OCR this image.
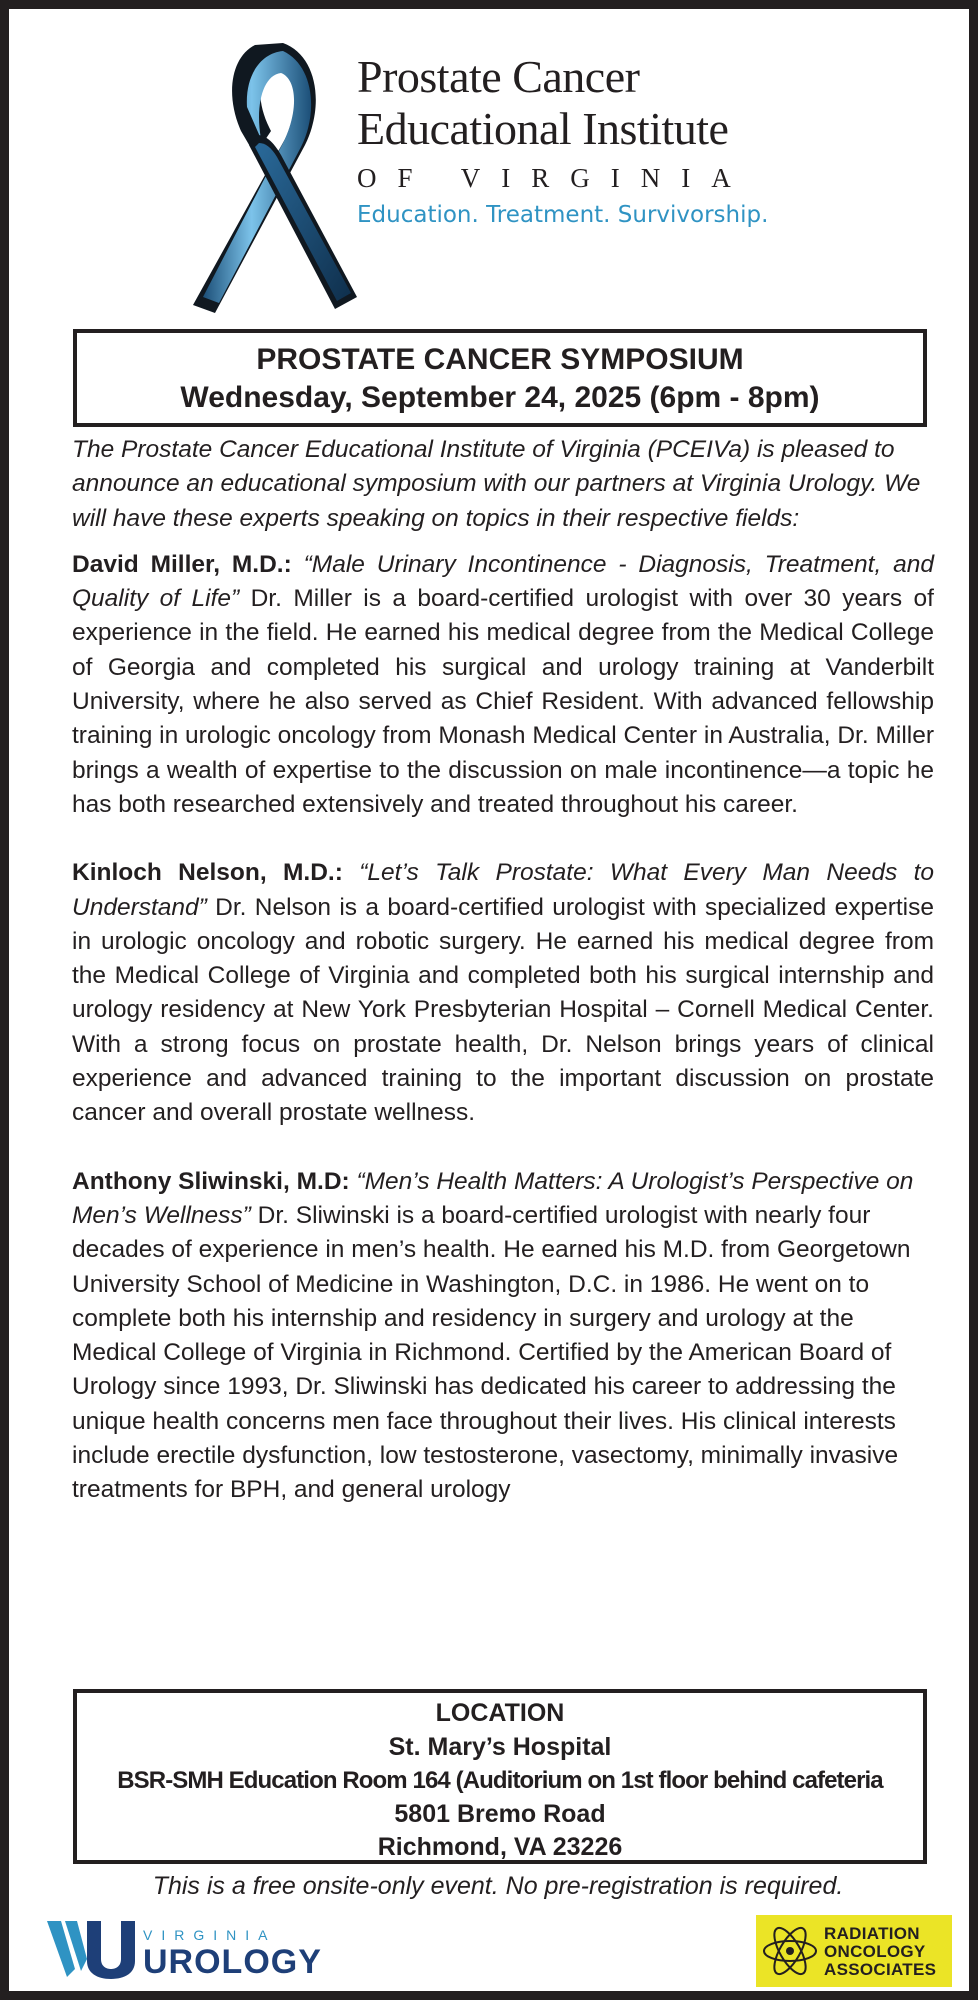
Prostate Cancer
Educational Institute
OF VIRGINIA
Education. Treatment. Survivorship.
PROSTATE CANCER SYMPOSIUM
Wednesday, September 24, 2025 (6pm - 8pm)

The Prostate Cancer Educational Institute of Virginia (PCEIVa) is pleased to announce an educational symposium with our partners at Virginia Urology. We will have these experts speaking on topics in their respective fields:

David Miller, M.D.: “Male Urinary Incontinence - Diagnosis, Treatment, and Quality of Life” Dr. Miller is a board-certified urologist with over 30 years of experience in the field. He earned his medical degree from the Medical College of Georgia and completed his surgical and urology training at Vanderbilt University, where he also served as Chief Resident. With advanced fellowship training in urologic oncology from Monash Medical Center in Australia, Dr. Miller brings a wealth of expertise to the discussion on male incontinence—a topic he has both researched extensively and treated throughout his career.

Kinloch Nelson, M.D.: “Let’s Talk Prostate: What Every Man Needs to Understand” Dr. Nelson is a board-certified urologist with specialized expertise in urologic oncology and robotic surgery. He earned his medical degree from the Medical College of Virginia and completed both his surgical internship and urology residency at New York Presbyterian Hospital – Cornell Medical Center. With a strong focus on prostate health, Dr. Nelson brings years of clinical experience and advanced training to the important discussion on prostate cancer and overall prostate wellness.

Anthony Sliwinski, M.D: “Men’s Health Matters: A Urologist’s Perspective on Men’s Wellness” Dr. Sliwinski is a board-certified urologist with nearly four decades of experience in men’s health. He earned his M.D. from Georgetown University School of Medicine in Washington, D.C. in 1986. He went on to complete both his internship and residency in surgery and urology at the Medical College of Virginia in Richmond. Certified by the American Board of Urology since 1993, Dr. Sliwinski has dedicated his career to addressing the unique health concerns men face throughout their lives. His clinical interests include erectile dysfunction, low testosterone, vasectomy, minimally invasive treatments for BPH, and general urology

LOCATION
St. Mary’s Hospital
BSR-SMH Education Room 164 (Auditorium on 1st floor behind cafeteria
5801 Bremo Road
Richmond, VA 23226
This is a free onsite-only event. No pre-registration is required.
VIRGINIA
UROLOGY
RADIATION
ONCOLOGY
ASSOCIATES
